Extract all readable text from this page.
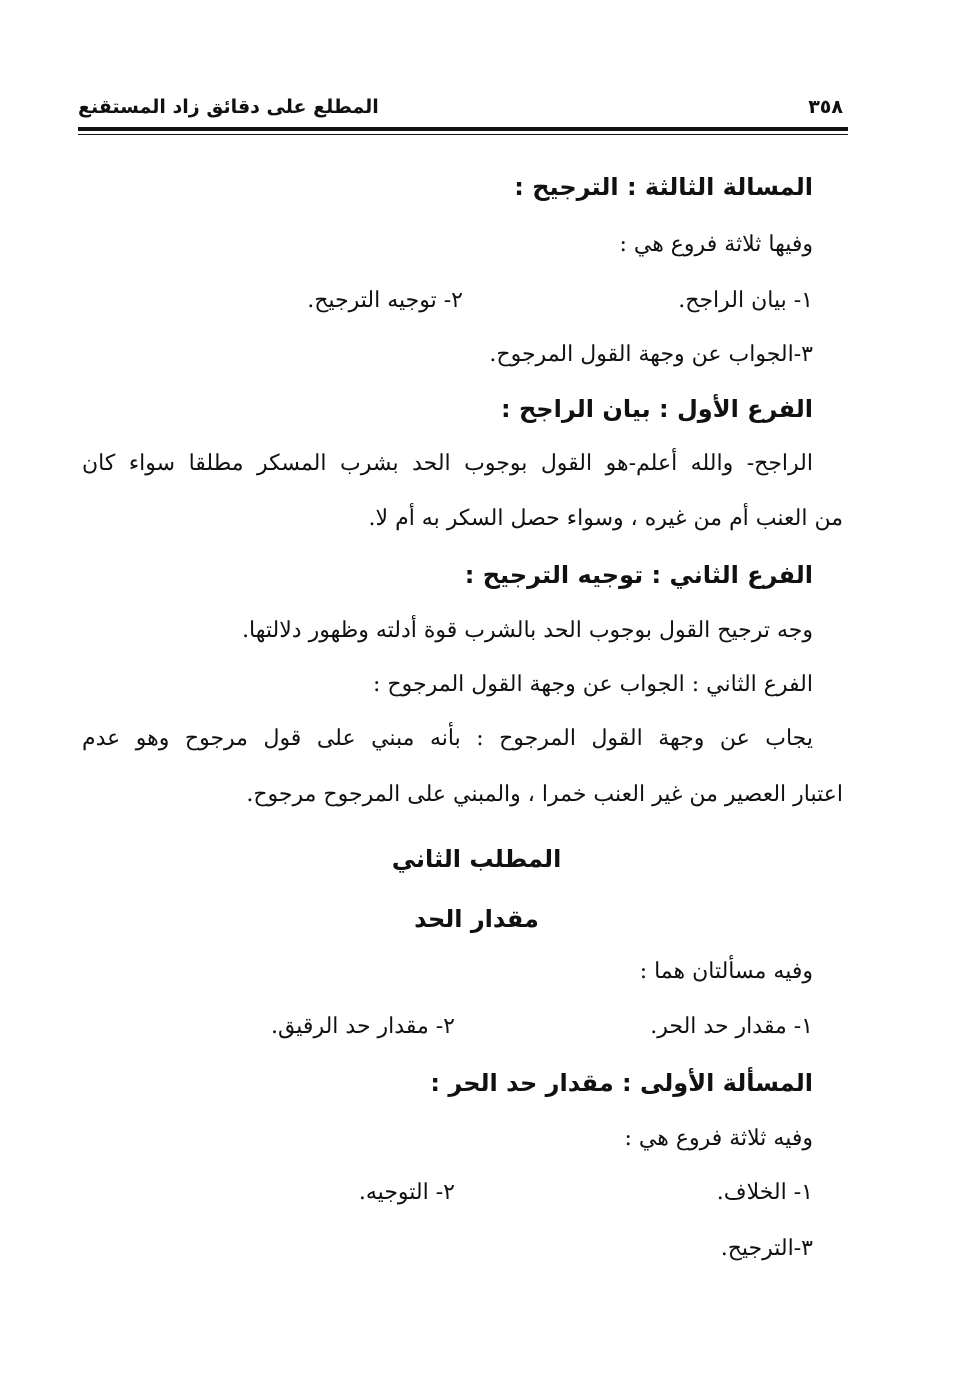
٣٥٨
المطلع على دقائق زاد المستقنع
المسالة الثالثة : الترجيح :
وفيها ثلاثة فروع هي :
١- بيان الراجح.
٢- توجيه الترجيح.
٣-الجواب عن وجهة القول المرجوح.
الفرع الأول : بيان الراجح :
الراجح- والله أعلم-هو القول بوجوب الحد بشرب المسكر مطلقا سواء كان
من العنب أم من غيره ، وسواء حصل السكر به أم لا.
الفرع الثاني : توجيه الترجيح :
وجه ترجيح القول بوجوب الحد بالشرب قوة أدلته وظهور دلالتها.
الفرع الثاني : الجواب عن وجهة القول المرجوح :
يجاب عن وجهة القول المرجوح : بأنه مبني على قول مرجوح وهو عدم
اعتبار العصير من غير العنب خمرا ، والمبني على المرجوح مرجوح.
المطلب الثاني
مقدار الحد
وفيه مسألتان هما :
١- مقدار حد الحر.
٢- مقدار حد الرقيق.
المسألة الأولى : مقدار حد الحر :
وفيه ثلاثة فروع هي :
١- الخلاف.
٢- التوجيه.
٣-الترجيح.
